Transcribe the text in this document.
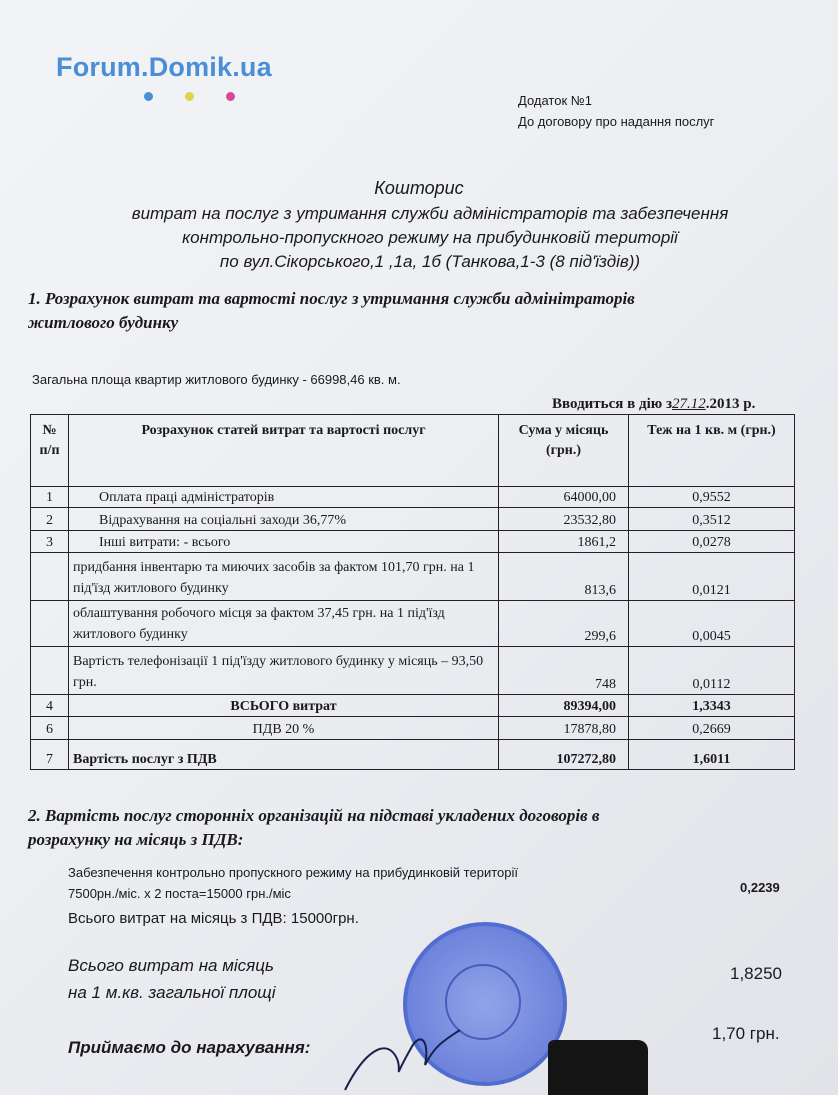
Forum.Domik.ua
Додаток №1
До договору про надання послуг
Кошторис
витрат на послуг з утримання служби адміністраторів та забезпечення
контрольно-пропускного режиму на прибудинковій території
по вул.Сікорського,1 ,1а, 1б (Танкова,1-3 (8 під'їздів))
1. Розрахунок витрат та вартості послуг з утримання служби адмінітраторів
житлового будинку
Загальна площа квартир житлового будинку - 66998,46 кв. м.
Вводиться в дію з27.12.2013 р.
№ п/п	Розрахунок статей витрат та вартості послуг	Сума у місяць (грн.)	Теж на 1 кв. м (грн.)
1	Оплата праці адміністраторів	64000,00	0,9552
2	Відрахування на соціальні заходи 36,77%	23532,80	0,3512
3	Інші витрати: - всього	1861,2	0,0278
	придбання інвентарю та миючих засобів за фактом 101,70 грн. на 1 під'їзд житлового будинку	813,6	0,0121
	облаштування робочого місця за фактом 37,45 грн. на 1 під'їзд житлового будинку	299,6	0,0045
	Вартість телефонізації 1 під'їзду житлового будинку у місяць – 93,50 грн.	748	0,0112
4	ВСЬОГО витрат	89394,00	1,3343
6	ПДВ 20 %	17878,80	0,2669
7	Вартість послуг з ПДВ	107272,80	1,6011
2. Вартість послуг сторонніх організацій на підставі укладених договорів в
розрахунку на місяць з ПДВ:
Забезпечення контрольно пропускного режиму на прибудинковій території
7500рн./міс. х 2 поста=15000 грн./міс	0,2239
Всього витрат на місяць з ПДВ: 15000грн.
Всього витрат на місяць
на 1 м.кв. загальної площі
1,8250
Приймаємо до нарахування:
1,70 грн.
